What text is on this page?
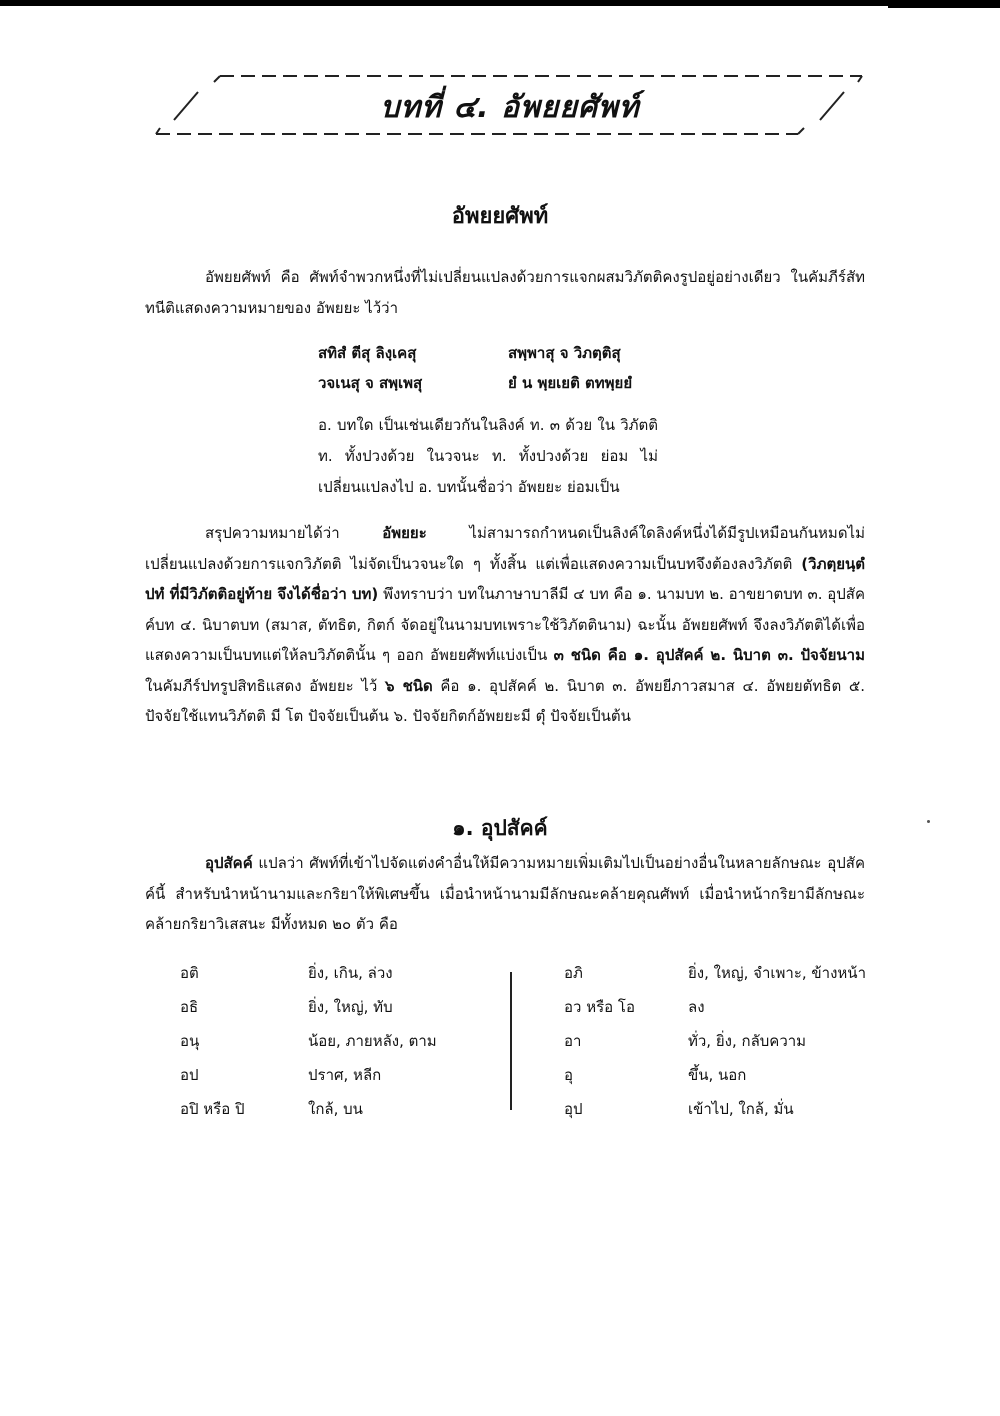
บทที่ ๔. อัพยยศัพท์
อัพยยศัพท์

อัพยยศัพท์ คือ ศัพท์จำพวกหนึ่งที่ไม่เปลี่ยนแปลงด้วยการแจกผสมวิภัตติคงรูปอยู่อย่างเดียว ในคัมภีร์สัททนีติแสดงความหมายของ อัพยยะ ไว้ว่า

สทิสํ ตีสุ ลิงฺเคสุ	สพฺพาสุ จ วิภตฺติสุ
วจเนสุ จ สพฺเพสุ	ยํ น พฺยเยติ ตทพฺยยํ

อ. บทใด เป็นเช่นเดียวกันในลิงค์ ท. ๓ ด้วย ใน วิภัตติ ท. ทั้งปวงด้วย ในวจนะ ท. ทั้งปวงด้วย ย่อม ไม่เปลี่ยนแปลงไป อ. บทนั้นชื่อว่า อัพยยะ ย่อมเป็น

สรุปความหมายได้ว่า อัพยยะ ไม่สามารถกำหนดเป็นลิงค์ใดลิงค์หนึ่งได้มีรูปเหมือนกันหมดไม่เปลี่ยนแปลงด้วยการแจกวิภัตติ ไม่จัดเป็นวจนะใด ๆ ทั้งสิ้น แต่เพื่อแสดงความเป็นบทจึงต้องลงวิภัตติ (วิภตฺยนฺตํ ปทํ ที่มีวิภัตติอยู่ท้าย จึงได้ชื่อว่า บท) พึงทราบว่า บทในภาษาบาลีมี ๔ บท คือ ๑. นามบท ๒. อาขยาตบท ๓. อุปสัคค์บท ๔. นิบาตบท (สมาส, ตัทธิต, กิตก์ จัดอยู่ในนามบทเพราะใช้วิภัตตินาม) ฉะนั้น อัพยยศัพท์ จึงลงวิภัตติได้เพื่อแสดงความเป็นบทแต่ให้ลบวิภัตตินั้น ๆ ออก อัพยยศัพท์แบ่งเป็น ๓ ชนิด คือ ๑. อุปสัคค์ ๒. นิบาต ๓. ปัจจัยนาม ในคัมภีร์ปทรูปสิทธิแสดง อัพยยะ ไว้ ๖ ชนิด คือ ๑. อุปสัคค์ ๒. นิบาต ๓. อัพยยีภาวสมาส ๔. อัพยยตัทธิต ๕. ปัจจัยใช้แทนวิภัตติ มี โต ปัจจัยเป็นต้น ๖. ปัจจัยกิตก์อัพยยะมี ตุํ ปัจจัยเป็นต้น

๑. อุปสัคค์

อุปสัคค์ แปลว่า ศัพท์ที่เข้าไปจัดแต่งคำอื่นให้มีความหมายเพิ่มเติมไปเป็นอย่างอื่นในหลายลักษณะ อุปสัคค์นี้ สำหรับนำหน้านามและกริยาให้พิเศษขึ้น เมื่อนำหน้านามมีลักษณะคล้ายคุณศัพท์ เมื่อนำหน้ากริยามีลักษณะคล้ายกริยาวิเสสนะ มีทั้งหมด ๒๐ ตัว คือ

อติ	ยิ่ง, เกิน, ล่วง
อธิ	ยิ่ง, ใหญ่, ทับ
อนุ	น้อย, ภายหลัง, ตาม
อป	ปราศ, หลีก
อปิ หรือ ปิ	ใกล้, บน
อภิ	ยิ่ง, ใหญ่, จำเพาะ, ข้างหน้า
อว หรือ โอ	ลง
อา	ทั่ว, ยิ่ง, กลับความ
อุ	ขึ้น, นอก
อุป	เข้าไป, ใกล้, มั่น
